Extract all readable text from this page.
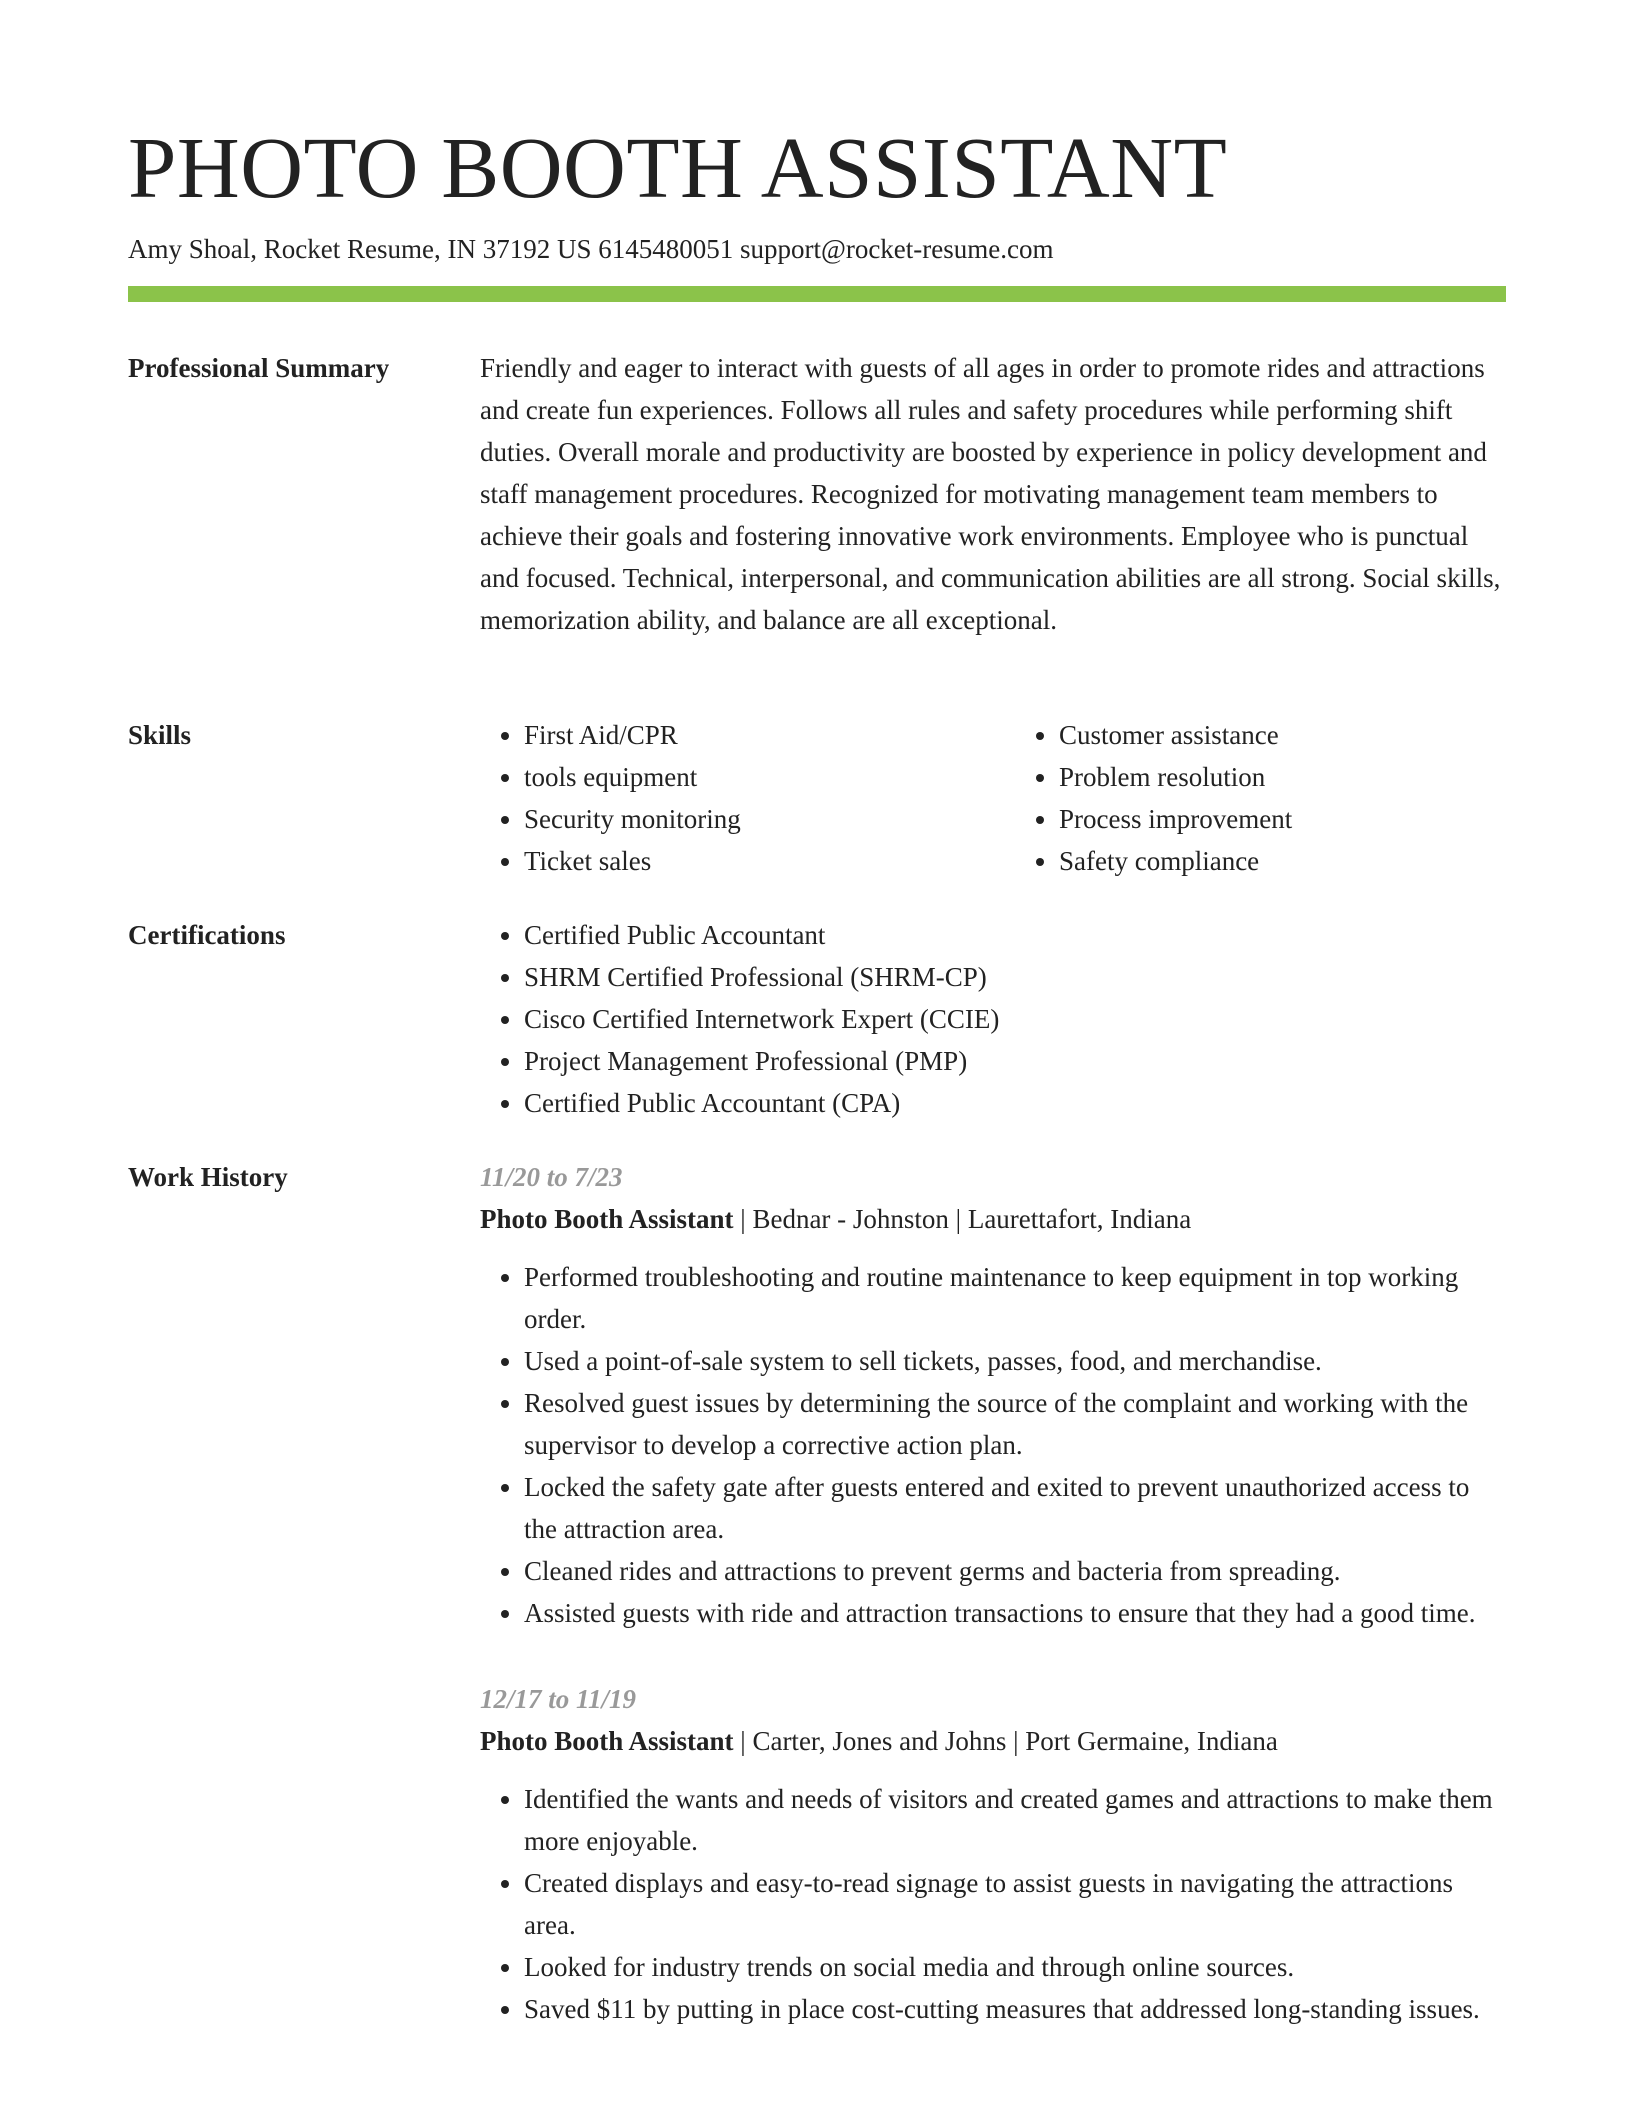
PHOTO BOOTH ASSISTANT
Amy Shoal, Rocket Resume, IN 37192 US 6145480051 support@rocket-resume.com
Professional Summary	Friendly and eager to interact with guests of all ages in order to promote rides and attractions and create fun experiences. Follows all rules and safety procedures while performing shift duties. Overall morale and productivity are boosted by experience in policy development and staff management procedures. Recognized for motivating management team members to achieve their goals and fostering innovative work environments. Employee who is punctual and focused. Technical, interpersonal, and communication abilities are all strong. Social skills, memorization ability, and balance are all exceptional.

Skills	• First Aid/CPR
• tools equipment
• Security monitoring
• Ticket sales
• Customer assistance
• Problem resolution
• Process improvement
• Safety compliance
Certifications	• Certified Public Accountant
• SHRM Certified Professional (SHRM-CP)
• Cisco Certified Internetwork Expert (CCIE)
• Project Management Professional (PMP)
• Certified Public Accountant (CPA)
Work History	11/20 to 7/23
Photo Booth Assistant | Bednar - Johnston | Laurettafort, Indiana
• Performed troubleshooting and routine maintenance to keep equipment in top working order.
• Used a point-of-sale system to sell tickets, passes, food, and merchandise.
• Resolved guest issues by determining the source of the complaint and working with the supervisor to develop a corrective action plan.
• Locked the safety gate after guests entered and exited to prevent unauthorized access to the attraction area.
• Cleaned rides and attractions to prevent germs and bacteria from spreading.
• Assisted guests with ride and attraction transactions to ensure that they had a good time.
12/17 to 11/19
Photo Booth Assistant | Carter, Jones and Johns | Port Germaine, Indiana
• Identified the wants and needs of visitors and created games and attractions to make them more enjoyable.
• Created displays and easy-to-read signage to assist guests in navigating the attractions area.
• Looked for industry trends on social media and through online sources.
• Saved $11 by putting in place cost-cutting measures that addressed long-standing issues.
